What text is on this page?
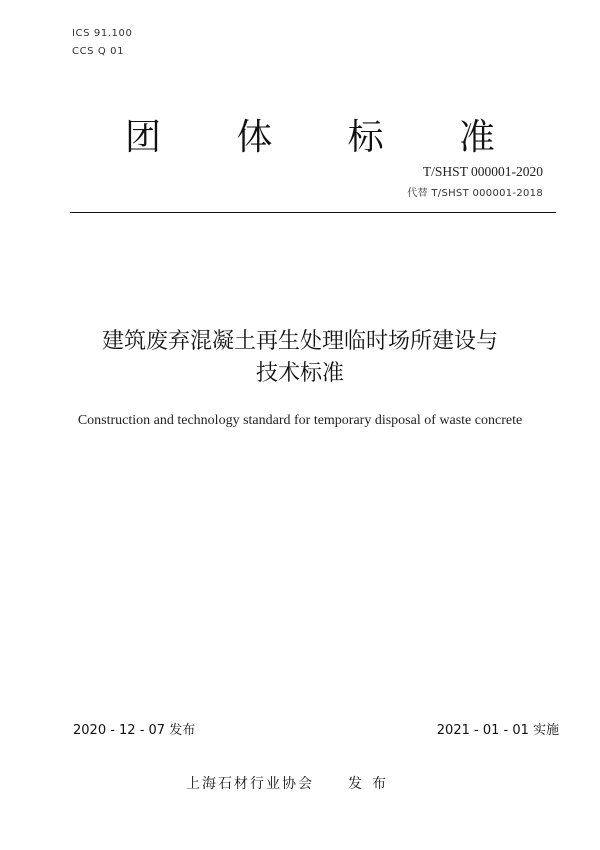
ICS 91.100
CCS Q 01
团 体 标 准
T/SHST 000001-2020
代替 T/SHST 000001-2018
建筑废弃混凝土再生处理临时场所建设与
技术标准
Construction and technology standard for temporary disposal of waste concrete
2020 - 12 - 07 发布	2021 - 01 - 01 实施
上海石材行业协会 发布
